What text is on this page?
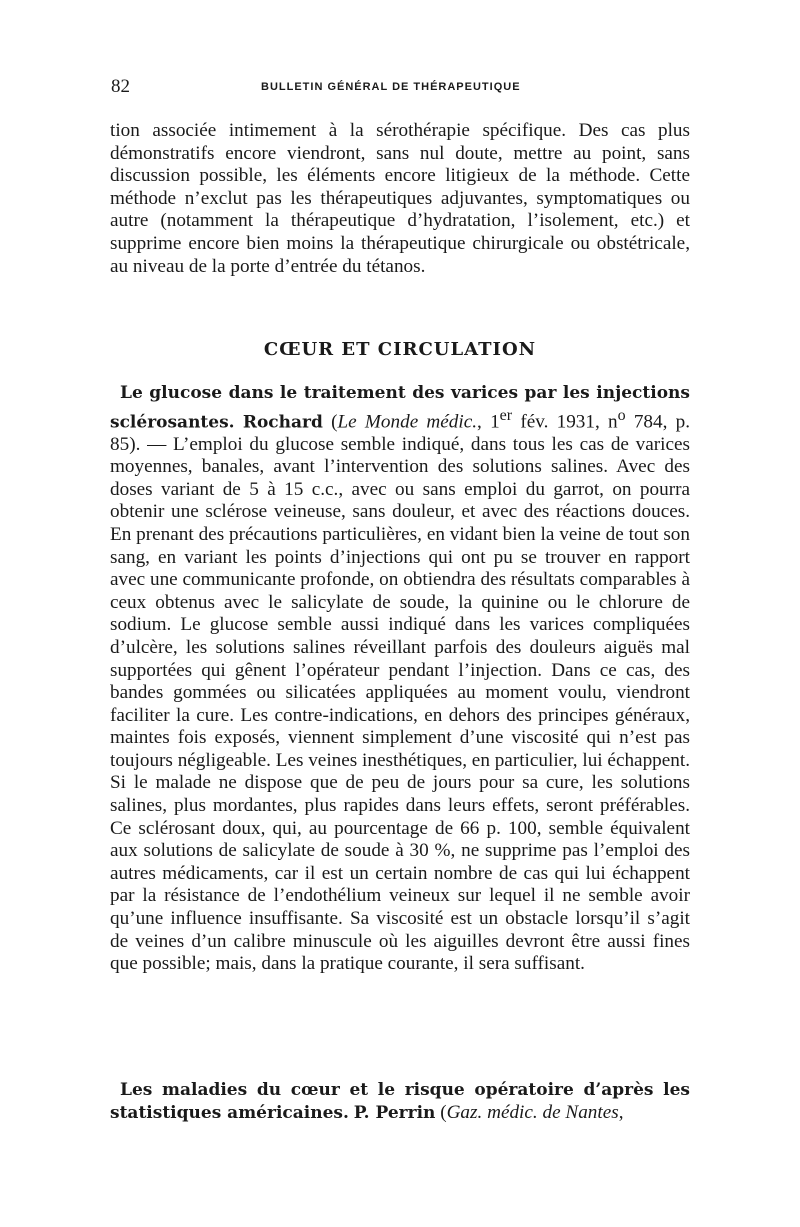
82	BULLETIN GÉNÉRAL DE THÉRAPEUTIQUE

tion associée intimement à la sérothérapie spécifique. Des cas plus démonstratifs encore viendront, sans nul doute, mettre au point, sans discussion possible, les éléments encore litigieux de la méthode. Cette méthode n’exclut pas les thérapeutiques adjuvantes, symptomatiques ou autre (notamment la thérapeutique d’hydratation, l’isolement, etc.) et supprime encore bien moins la thérapeutique chirurgicale ou obstétricale, au niveau de la porte d’entrée du tétanos.

CŒUR ET CIRCULATION

Le glucose dans le traitement des varices par les injections sclérosantes. Rochard (Le Monde médic., 1er fév. 1931, $n^o$ 784, p. 85). — L’emploi du glucose semble indiqué, dans tous les cas de varices moyennes, banales, avant l’intervention des solutions salines. Avec des doses variant de 5 à 15 c.c., avec ou sans emploi du garrot, on pourra obtenir une sclérose veineuse, sans douleur, et avec des réactions douces. En prenant des précautions particulières, en vidant bien la veine de tout son sang, en variant les points d’injections qui ont pu se trouver en rapport avec une communicante profonde, on obtiendra des résultats comparables à ceux obtenus avec le salicylate de soude, la quinine ou le chlorure de sodium. Le glucose semble aussi indiqué dans les varices compliquées d’ulcère, les solutions salines réveillant parfois des douleurs aiguës mal supportées qui gênent l’opérateur pendant l’injection. Dans ce cas, des bandes gommées ou silicatées appliquées au moment voulu, viendront faciliter la cure. Les contre-indications, en dehors des principes généraux, maintes fois exposés, viennent simplement d’une viscosité qui n’est pas toujours négligeable. Les veines inesthétiques, en particulier, lui échappent. Si le malade ne dispose que de peu de jours pour sa cure, les solutions salines, plus mordantes, plus rapides dans leurs effets, seront préférables. Ce sclérosant doux, qui, au pourcentage de 66 p. 100, semble équivalent aux solutions de salicylate de soude à 30 %, ne supprime pas l’emploi des autres médicaments, car il est un certain nombre de cas qui lui échappent par la résistance de l’endothélium veineux sur lequel il ne semble avoir qu’une influence insuffisante. Sa viscosité est un obstacle lorsqu’il s’agit de veines d’un calibre minuscule où les aiguilles devront être aussi fines que possible; mais, dans la pratique courante, il sera suffisant.

Les maladies du cœur et le risque opératoire d’après les statistiques américaines. P. Perrin (Gaz. médic. de Nantes,
